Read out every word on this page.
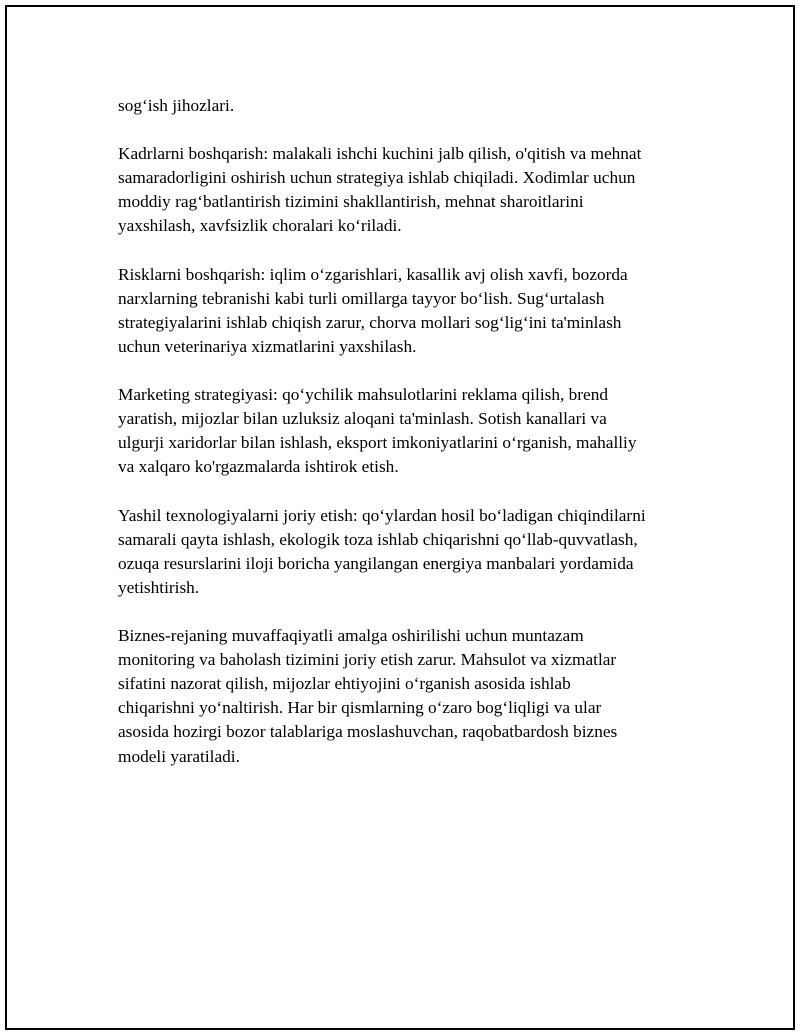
sog‘ish jihozlari.

Kadrlarni boshqarish: malakali ishchi kuchini jalb qilish, o'qitish va mehnat
samaradorligini oshirish uchun strategiya ishlab chiqiladi. Xodimlar uchun
moddiy rag‘batlantirish tizimini shakllantirish, mehnat sharoitlarini
yaxshilash, xavfsizlik choralari ko‘riladi.

Risklarni boshqarish: iqlim o‘zgarishlari, kasallik avj olish xavfi, bozorda
narxlarning tebranishi kabi turli omillarga tayyor bo‘lish. Sug‘urtalash
strategiyalarini ishlab chiqish zarur, chorva mollari sog‘lig‘ini ta'minlash
uchun veterinariya xizmatlarini yaxshilash.

Marketing strategiyasi: qo‘ychilik mahsulotlarini reklama qilish, brend
yaratish, mijozlar bilan uzluksiz aloqani ta'minlash. Sotish kanallari va
ulgurji xaridorlar bilan ishlash, eksport imkoniyatlarini o‘rganish, mahalliy
va xalqaro ko'rgazmalarda ishtirok etish.

Yashil texnologiyalarni joriy etish: qo‘ylardan hosil bo‘ladigan chiqindilarni
samarali qayta ishlash, ekologik toza ishlab chiqarishni qo‘llab-quvvatlash,
ozuqa resurslarini iloji boricha yangilangan energiya manbalari yordamida
yetishtirish.

Biznes-rejaning muvaffaqiyatli amalga oshirilishi uchun muntazam
monitoring va baholash tizimini joriy etish zarur. Mahsulot va xizmatlar
sifatini nazorat qilish, mijozlar ehtiyojini o‘rganish asosida ishlab
chiqarishni yo‘naltirish. Har bir qismlarning o‘zaro bog‘liqligi va ular
asosida hozirgi bozor talablariga moslashuvchan, raqobatbardosh biznes
modeli yaratiladi.
